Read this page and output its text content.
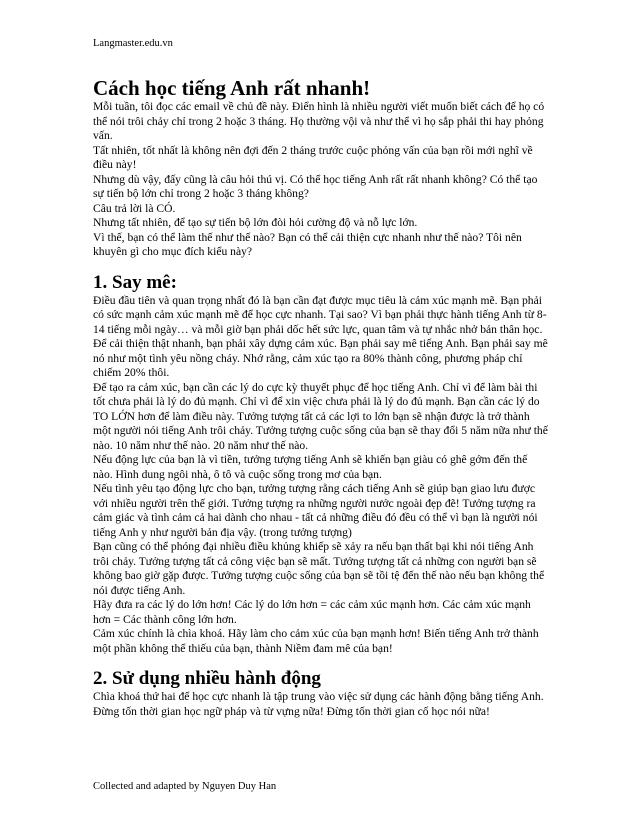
Langmaster.edu.vn
Cách học tiếng Anh rất nhanh!

Mỗi tuần, tôi đọc các email về chủ đề này. Điển hình là nhiều người viết muốn biết cách để họ có thể nói trôi chảy chỉ trong 2 hoặc 3 tháng. Họ thường vội và như thể vì họ sắp phải thi hay phỏng vấn.

Tất nhiên, tốt nhất là không nên đợi đến 2 tháng trước cuộc phỏng vấn của bạn rồi mới nghĩ về điều này!

Nhưng dù vậy, đấy cũng là câu hỏi thú vị. Có thể học tiếng Anh rất rất nhanh không? Có thể tạo sự tiến bộ lớn chỉ trong 2 hoặc 3 tháng không?

Câu trả lời là CÓ.

Nhưng tất nhiên, để tạo sự tiến bộ lớn đòi hỏi cường độ và nỗ lực lớn.

Vì thế, bạn có thể làm thế như thế nào? Bạn có thể cải thiện cực nhanh như thế nào? Tôi nên khuyên gì cho mục đích kiểu này?

1. Say mê:

Điều đầu tiên và quan trọng nhất đó là bạn cần đạt được mục tiêu là cảm xúc mạnh mẽ. Bạn phải có sức mạnh cảm xúc mạnh mẽ để học cực nhanh. Tại sao? Vì bạn phải thực hành tiếng Anh từ 8-14 tiếng mỗi ngày… và mỗi giờ bạn phải dốc hết sức lực, quan tâm và tự nhắc nhở bản thân học.

Để cải thiện thật nhanh, bạn phải xây dựng cảm xúc. Bạn phải say mê tiếng Anh. Bạn phải say mê nó như một tình yêu nồng cháy. Nhớ rằng, cảm xúc tạo ra 80% thành công, phương pháp chỉ chiếm 20% thôi.

Để tạo ra cảm xúc, bạn cần các lý do cực kỳ thuyết phục để học tiếng Anh. Chỉ vì để làm bài thi tốt chưa phải là lý do đủ mạnh. Chỉ vì để xin việc chưa phải là lý do đủ mạnh. Bạn cần các lý do TO LỚN hơn để làm điều này. Tưởng tượng tất cả các lợi to lớn bạn sẽ nhận được là trở thành một người nói tiếng Anh trôi chảy. Tưởng tượng cuộc sống của bạn sẽ thay đổi 5 năm nữa như thế nào. 10 năm như thế nào. 20 năm như thế nào.

Nếu động lực của bạn là vì tiền, tưởng tượng tiếng Anh sẽ khiến bạn giàu có ghê gớm đến thế nào. Hình dung ngôi nhà, ô tô và cuộc sống trong mơ của bạn.

Nếu tình yêu tạo động lực cho bạn, tưởng tượng rằng cách tiếng Anh sẽ giúp bạn giao lưu được với nhiều người trên thế giới. Tưởng tượng ra những người nước ngoài đẹp đẽ! Tưởng tượng ra cảm giác và tình cảm cả hai dành cho nhau - tất cả những điều đó đều có thể vì bạn là người nói tiếng Anh y như người bản địa vậy. (trong tưởng tượng)

Bạn cũng có thể phóng đại nhiều điều khủng khiếp sẽ xảy ra nếu bạn thất bại khi nói tiếng Anh trôi chảy. Tưởng tượng tất cả công việc bạn sẽ mất. Tưởng tượng tất cả những con người bạn sẽ không bao giờ gặp được. Tưởng tượng cuộc sống của bạn sẽ tồi tệ đến thế nào nếu bạn không thể nói được tiếng Anh.

Hãy đưa ra các lý do lớn hơn! Các lý do lớn hơn = các cảm xúc mạnh hơn. Các cảm xúc mạnh hơn = Các thành công lớn hơn.

Cảm xúc chính là chìa khoá. Hãy làm cho cảm xúc của bạn mạnh hơn! Biến tiếng Anh trở thành một phần không thể thiếu của bạn, thành Niềm đam mê của bạn!

2. Sử dụng nhiều hành động

Chìa khoá thứ hai để học cực nhanh là tập trung vào việc sử dụng các hành động bằng tiếng Anh. Đừng tốn thời gian học ngữ pháp và từ vựng nữa! Đừng tốn thời gian cố học nói nữa!

Collected and adapted by Nguyen Duy Han
